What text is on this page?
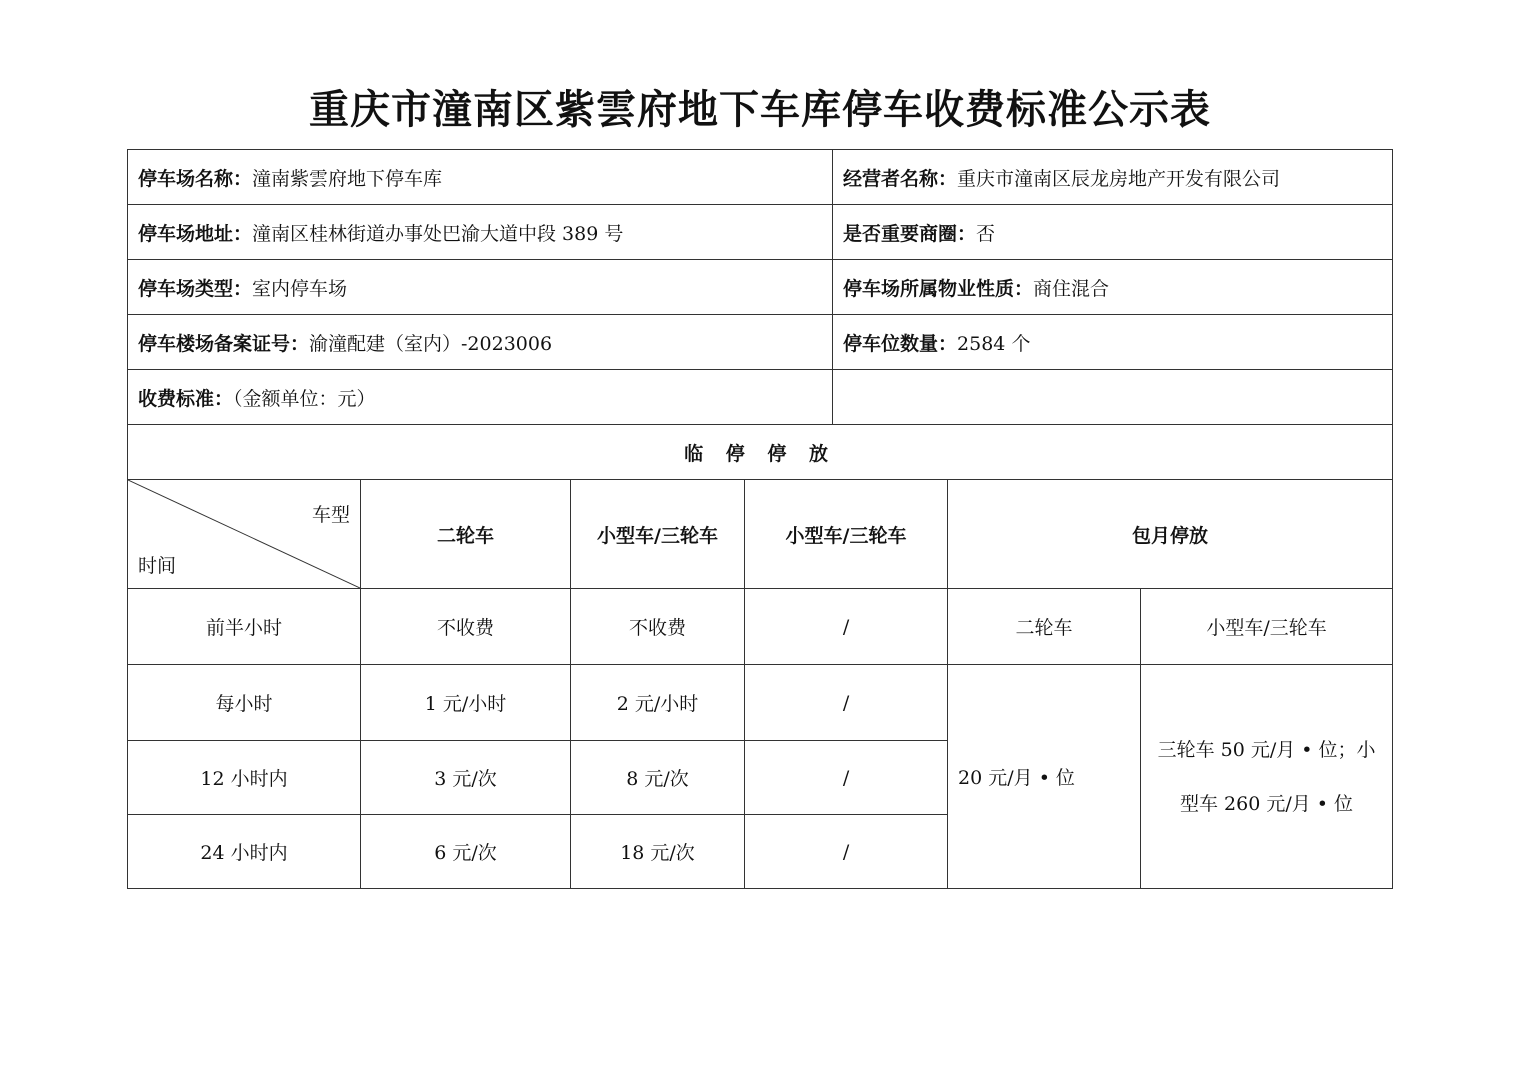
重庆市潼南区紫雲府地下车库停车收费标准公示表
停车场名称：潼南紫雲府地下停车库				经营者名称：重庆市潼南区辰龙房地产开发有限公司		
停车场地址：潼南区桂林街道办事处巴渝大道中段 389 号				是否重要商圈：否		
停车场类型：室内停车场				停车场所属物业性质：商住混合		
停车楼场备案证号：渝潼配建（室内）-2023006				停车位数量：2584 个		
收费标准：（金额单位：元）						
临 停 停 放						

车型
时间	二轮车	小型车/三轮车	小型车/三轮车		包月停放	
前半小时	不收费	不收费	/		二轮车	小型车/三轮车
每小时	1 元/小时	2 元/小时	/		20 元/月 • 位	三轮车 50 元/月 • 位；小型车 260 元/月 • 位
12 小时内	3 元/次	8 元/次	/			
24 小时内	6 元/次	18 元/次	/			
